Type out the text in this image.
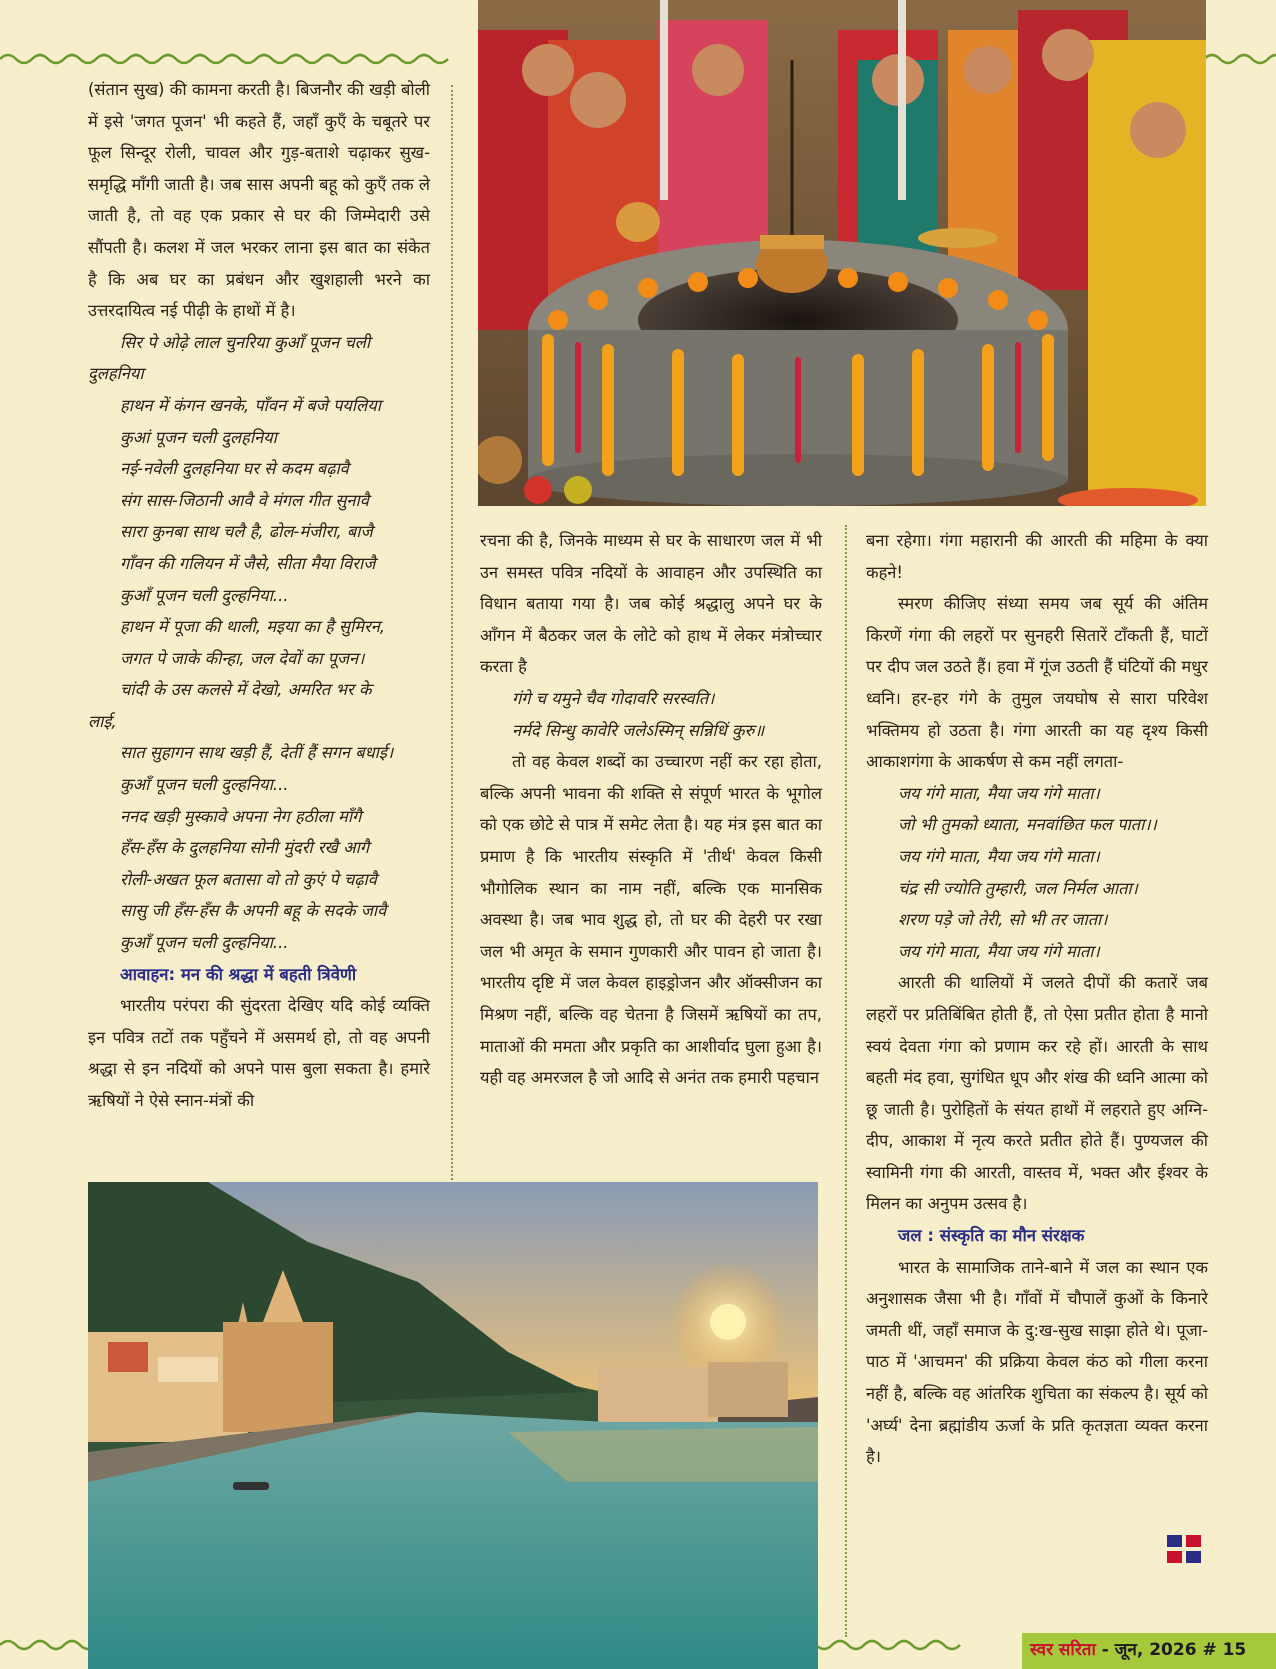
(संतान सुख) की कामना करती है। बिजनौर की खड़ी बोली में इसे 'जगत पूजन' भी कहते हैं, जहाँ कुएँ के चबूतरे पर फूल सिन्दूर रोली, चावल और गुड़-बताशे चढ़ाकर सुख-समृद्धि माँगी जाती है। जब सास अपनी बहू को कुएँ तक ले जाती है, तो वह एक प्रकार से घर की जिम्मेदारी उसे सौंपती है। कलश में जल भरकर लाना इस बात का संकेत है कि अब घर का प्रबंधन और खुशहाली भरने का उत्तरदायित्व नई पीढ़ी के हाथों में है।

सिर पे ओढ़े लाल चुनरिया कुआँ पूजन चली
दुलहनिया
हाथन में कंगन खनके, पाँवन में बजे पयलिया
कुआं पूजन चली दुलहनिया
नई-नवेली दुलहनिया घर से कदम बढ़ावै
संग सास-जिठानी आवै वे मंगल गीत सुनावै
सारा कुनबा साथ चलै है, ढोल-मंजीरा, बाजै
गाँवन की गलियन में जैसे, सीता मैया विराजै
कुआँ पूजन चली दुल्हनिया...
हाथन में पूजा की थाली, मइया का है सुमिरन,
जगत पे जाके कीन्हा, जल देवों का पूजन।
चांदी के उस कलसे में देखो, अमरित भर के
लाई,
सात सुहागन साथ खड़ी हैं, देतीं हैं सगन बधाई।
कुआँ पूजन चली दुल्हनिया...
ननद खड़ी मुस्कावे अपना नेग हठीला माँगै
हँस-हँस के दुलहनिया सोनी मुंदरी रखै आगै
रोली-अखत फूल बतासा वो तो कुएं पे चढ़ावै
सासु जी हँस-हँस कै अपनी बहू के सदके जावै
कुआँ पूजन चली दुल्हनिया...
आवाहन: मन की श्रद्धा में बहती त्रिवेणी

भारतीय परंपरा की सुंदरता देखिए यदि कोई व्यक्ति इन पवित्र तटों तक पहुँचने में असमर्थ हो, तो वह अपनी श्रद्धा से इन नदियों को अपने पास बुला सकता है। हमारे ऋषियों ने ऐसे स्नान-मंत्रों की

रचना की है, जिनके माध्यम से घर के साधारण जल में भी उन समस्त पवित्र नदियों के आवाहन और उपस्थिति का विधान बताया गया है। जब कोई श्रद्धालु अपने घर के आँगन में बैठकर जल के लोटे को हाथ में लेकर मंत्रोच्चार करता है

गंगे च यमुने चैव गोदावरि सरस्वति।
नर्मदे सिन्धु कावेरि जलेऽस्मिन् सन्निधिं कुरु॥

तो वह केवल शब्दों का उच्चारण नहीं कर रहा होता, बल्कि अपनी भावना की शक्ति से संपूर्ण भारत के भूगोल को एक छोटे से पात्र में समेट लेता है। यह मंत्र इस बात का प्रमाण है कि भारतीय संस्कृति में 'तीर्थ' केवल किसी भौगोलिक स्थान का नाम नहीं, बल्कि एक मानसिक अवस्था है। जब भाव शुद्ध हो, तो घर की देहरी पर रखा जल भी अमृत के समान गुणकारी और पावन हो जाता है। भारतीय दृष्टि में जल केवल हाइड्रोजन और ऑक्सीजन का मिश्रण नहीं, बल्कि वह चेतना है जिसमें ऋषियों का तप, माताओं की ममता और प्रकृति का आशीर्वाद घुला हुआ है। यही वह अमरजल है जो आदि से अनंत तक हमारी पहचान

बना रहेगा। गंगा महारानी की आरती की महिमा के क्या कहने!

स्मरण कीजिए संध्या समय जब सूर्य की अंतिम किरणें गंगा की लहरों पर सुनहरी सितारें टाँकती हैं, घाटों पर दीप जल उठते हैं। हवा में गूंज उठती हैं घंटियों की मधुर ध्वनि। हर-हर गंगे के तुमुल जयघोष से सारा परिवेश भक्तिमय हो उठता है। गंगा आरती का यह दृश्य किसी आकाशगंगा के आकर्षण से कम नहीं लगता-

जय गंगे माता, मैया जय गंगे माता।
जो भी तुमको ध्याता, मनवांछित फल पाता।।
जय गंगे माता, मैया जय गंगे माता।
चंद्र सी ज्योति तुम्हारी, जल निर्मल आता।
शरण पड़े जो तेरी, सो भी तर जाता।
जय गंगे माता, मैया जय गंगे माता।

आरती की थालियों में जलते दीपों की कतारें जब लहरों पर प्रतिबिंबित होती हैं, तो ऐसा प्रतीत होता है मानो स्वयं देवता गंगा को प्रणाम कर रहे हों। आरती के साथ बहती मंद हवा, सुगंधित धूप और शंख की ध्वनि आत्मा को छू जाती है। पुरोहितों के संयत हाथों में लहराते हुए अग्नि-दीप, आकाश में नृत्य करते प्रतीत होते हैं। पुण्यजल की स्वामिनी गंगा की आरती, वास्तव में, भक्त और ईश्वर के मिलन का अनुपम उत्सव है।

जल : संस्कृति का मौन संरक्षक

भारत के सामाजिक ताने-बाने में जल का स्थान एक अनुशासक जैसा भी है। गाँवों में चौपालें कुओं के किनारे जमती थीं, जहाँ समाज के दु:ख-सुख साझा होते थे। पूजा-पाठ में 'आचमन' की प्रक्रिया केवल कंठ को गीला करना नहीं है, बल्कि वह आंतरिक शुचिता का संकल्प है। सूर्य को 'अर्घ्य' देना ब्रह्मांडीय ऊर्जा के प्रति कृतज्ञता व्यक्त करना है।

स्वर सरिता - जून, 2026 # 15
